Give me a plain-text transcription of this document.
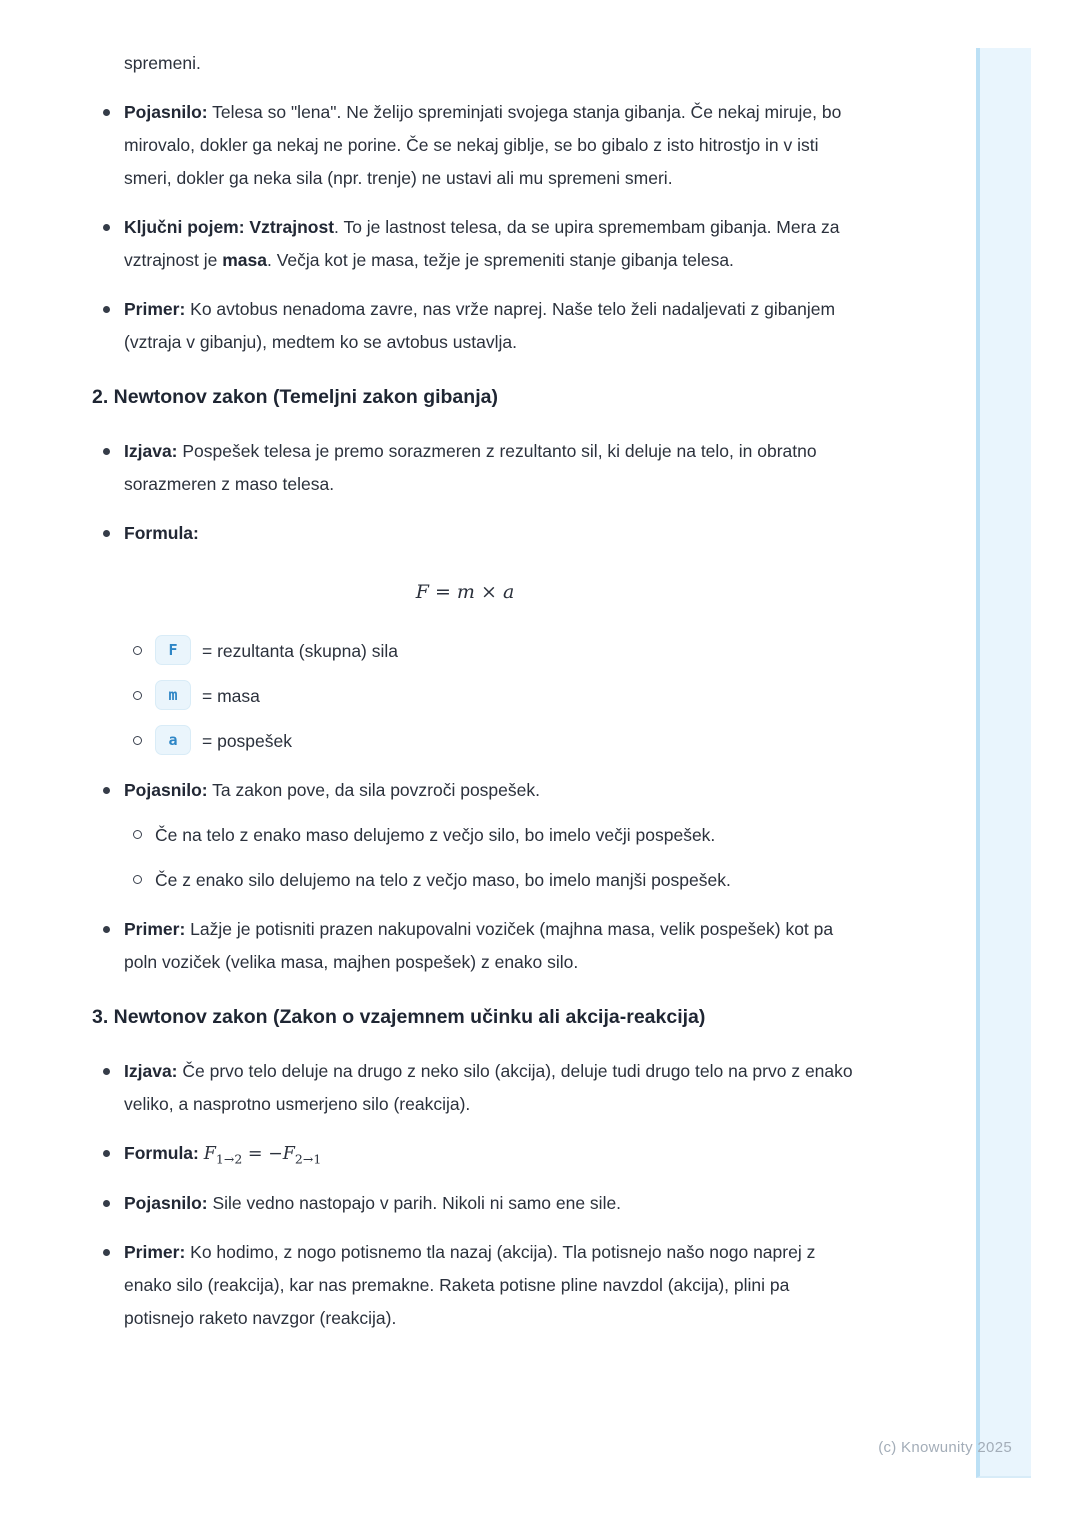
spremeni.
Pojasnilo: Telesa so "lena". Ne želijo spreminjati svojega stanja gibanja. Če nekaj miruje, bo mirovalo, dokler ga nekaj ne porine. Če se nekaj giblje, se bo gibalo z isto hitrostjo in v isti smeri, dokler ga neka sila (npr. trenje) ne ustavi ali mu spremeni smeri.
Ključni pojem: Vztrajnost. To je lastnost telesa, da se upira spremembam gibanja. Mera za vztrajnost je masa. Večja kot je masa, težje je spremeniti stanje gibanja telesa.
Primer: Ko avtobus nenadoma zavre, nas vrže naprej. Naše telo želi nadaljevati z gibanjem (vztraja v gibanju), medtem ko se avtobus ustavlja.
2. Newtonov zakon (Temeljni zakon gibanja)
Izjava: Pospešek telesa je premo sorazmeren z rezultanto sil, ki deluje na telo, in obratno sorazmeren z maso telesa.
Formula:
F = m × a
F = rezultanta (skupna) sila
m = masa
a = pospešek
Pojasnilo: Ta zakon pove, da sila povzroči pospešek.
Če na telo z enako maso delujemo z večjo silo, bo imelo večji pospešek.
Če z enako silo delujemo na telo z večjo maso, bo imelo manjši pospešek.
Primer: Lažje je potisniti prazen nakupovalni voziček (majhna masa, velik pospešek) kot pa poln voziček (velika masa, majhen pospešek) z enako silo.
3. Newtonov zakon (Zakon o vzajemnem učinku ali akcija-reakcija)
Izjava: Če prvo telo deluje na drugo z neko silo (akcija), deluje tudi drugo telo na prvo z enako veliko, a nasprotno usmerjeno silo (reakcija).
Formula: $F_{1\to 2} = -F_{2\to 1}$
Pojasnilo: Sile vedno nastopajo v parih. Nikoli ni samo ene sile.
Primer: Ko hodimo, z nogo potisnemo tla nazaj (akcija). Tla potisnejo našo nogo naprej z enako silo (reakcija), kar nas premakne. Raketa potisne pline navzdol (akcija), plini pa potisnejo raketo navzgor (reakcija).
(c) Knowunity 2025
